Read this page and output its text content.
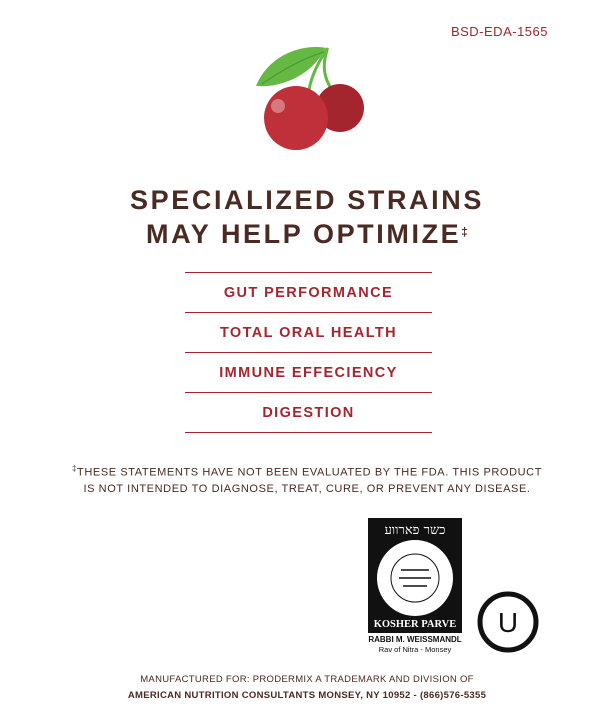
BSD-EDA-1565
SPECIALIZED STRAINS
MAY HELP OPTIMIZE‡
GUT PERFORMANCE
TOTAL ORAL HEALTH
IMMUNE EFFECIENCY
DIGESTION
‡THESE STATEMENTS HAVE NOT BEEN EVALUATED BY THE FDA. THIS PRODUCT
IS NOT INTENDED TO DIAGNOSE, TREAT, CURE, OR PREVENT ANY DISEASE.
כשר פארווע
KOSHER PARVE
RABBI M. WEISSMANDL
Rav of Nitra - Monsey
U
MANUFACTURED FOR: PRODERMIX A TRADEMARK AND DIVISION OF
AMERICAN NUTRITION CONSULTANTS MONSEY, NY 10952 - (866)576-5355
